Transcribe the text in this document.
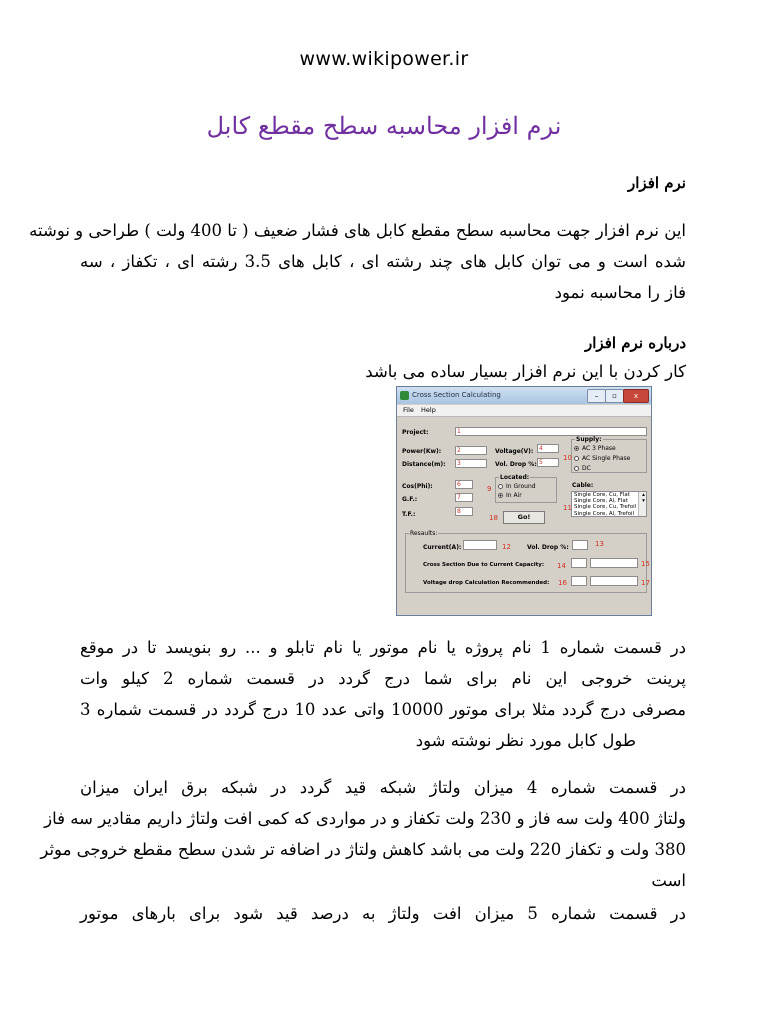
www.wikipower.ir
نرم افزار محاسبه سطح مقطع کابل
نرم افزار
این نرم افزار جهت محاسبه سطح مقطع کابل های فشار ضعیف ( تا 400 ولت ) طراحی و نوشته
شده است و می توان کابل های چند رشته ای ، کابل های 3.5 رشته ای ، تکفاز ، سه
فاز را محاسبه نمود
درباره نرم افزار
کار کردن با این نرم افزار بسیار ساده می باشد
Cross Section Calculating	–	▫	x
File Help
Project:	1
Power(Kw):	2
Distance(m):	3
Voltage(V): 4
Vol. Drop %: 5
Supply:
AC 3 Phase
AC Single Phase
DC
Cos(Phi):	6
G.F.:	7
T.F.:	8
Located:
In Ground
In Air
Cable:
Single Core, Cu, Flat
Single Core, Al, Flat
Single Core, Cu, Trefoil
Single Core, Al, Trefoil
▴
▾
Go!
Resaults:
Current(A):	Vol. Drop %:
Cross Section Due to Current Capacity:
Voltage drop Calculation Recommended:
9
10
11
12	13
14	15
16	17
18
در قسمت شماره 1 نام پروژه یا نام موتور یا نام تابلو و ... رو بنویسد تا در موقع
پرینت خروجی این نام برای شما درج گردد در قسمت شماره 2 کیلو وات
مصرفی درج گردد مثلا برای موتور 10000 واتی عدد 10 درج گردد در قسمت شماره 3
طول کابل مورد نظر نوشته شود
در قسمت شماره 4 میزان ولتاژ شبکه قید گردد در شبکه برق ایران میزان
ولتاژ 400 ولت سه فاز و 230 ولت تکفاز و در مواردی که کمی افت ولتاژ داریم مقادیر سه فاز
380 ولت و تکفاز 220 ولت می باشد کاهش ولتاژ در اضافه تر شدن سطح مقطع خروجی موثر
است
در قسمت شماره 5 میزان افت ولتاژ به درصد قید شود برای بارهای موتور
